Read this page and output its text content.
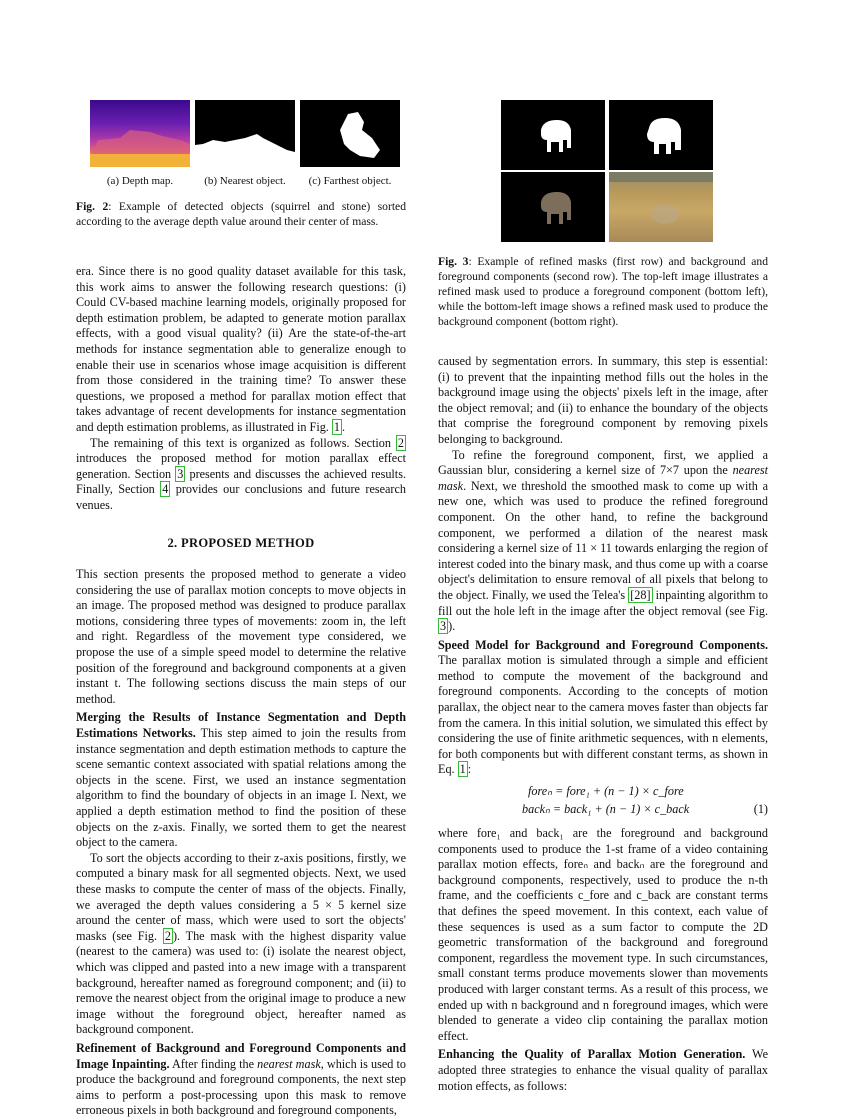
(a) Depth map.	(b) Nearest object.	(c) Farthest object.
Fig. 2: Example of detected objects (squirrel and stone) sorted according to the average depth value around their center of mass.
Fig. 3: Example of refined masks (first row) and background and foreground components (second row). The top-left image illustrates a refined mask used to produce a foreground component (bottom left), while the bottom-left image shows a refined mask used to produce the background component (bottom right).

era. Since there is no good quality dataset available for this task, this work aims to answer the following research questions: (i) Could CV-based machine learning models, originally proposed for depth estimation problem, be adapted to generate motion parallax effects, with a good visual quality? (ii) Are the state-of-the-art methods for instance segmentation able to generalize enough to enable their use in scenarios whose image acquisition is different from those considered in the training time? To answer these questions, we proposed a method for parallax motion effect that takes advantage of recent developments for instance segmentation and depth estimation problems, as illustrated in Fig. 1 .

The remaining of this text is organized as follows. Section 2 introduces the proposed method for motion parallax effect generation. Section 3 presents and discusses the achieved results. Finally, Section 4 provides our conclusions and future research venues.

2. PROPOSED METHOD

This section presents the proposed method to generate a video considering the use of parallax motion concepts to move objects in an image. The proposed method was designed to produce parallax motions, considering three types of movements: zoom in, the left and right. Regardless of the movement type considered, we propose the use of a simple speed model to determine the relative position of the foreground and background components at a given instant t. The following sections discuss the main steps of our method.

Merging the Results of Instance Segmentation and Depth Estimations Networks. This step aimed to join the results from instance segmentation and depth estimation methods to capture the scene semantic context associated with spatial relations among the objects in the scene. First, we used an instance segmentation algorithm to find the boundary of objects in an image I. Next, we applied a depth estimation method to find the position of these objects on the z-axis. Finally, we sorted them to get the nearest object to the camera.

To sort the objects according to their z-axis positions, firstly, we computed a binary mask for all segmented objects. Next, we used these masks to compute the center of mass of the objects. Finally, we averaged the depth values considering a 5 × 5 kernel size around the center of mass, which were used to sort the objects' masks (see Fig. 2 ). The mask with the highest disparity value (nearest to the camera) was used to: (i) isolate the nearest object, which was clipped and pasted into a new image with a transparent background, hereafter named as foreground component; and (ii) to remove the nearest object from the original image to produce a new image without the foreground object, hereafter named as background component.

Refinement of Background and Foreground Components and Image Inpainting. After finding the nearest mask, which is used to produce the background and foreground components, the next step aims to perform a post-processing upon this mask to remove erroneous pixels in both background and foreground components,

caused by segmentation errors. In summary, this step is essential: (i) to prevent that the inpainting method fills out the holes in the background image using the objects' pixels left in the image, after the object removal; and (ii) to enhance the boundary of the objects that comprise the foreground component by removing pixels belonging to background.

To refine the foreground component, first, we applied a Gaussian blur, considering a kernel size of 7×7 upon the nearest mask. Next, we threshold the smoothed mask to come up with a new one, which was used to produce the refined foreground component. On the other hand, to refine the background component, we performed a dilation of the nearest mask considering a kernel size of 11 × 11 towards enlarging the region of interest coded into the binary mask, and thus come up with a coarse object's delimitation to ensure removal of all pixels that belong to the object. Finally, we used the Telea's [28] inpainting algorithm to fill out the hole left in the image after the object removal (see Fig. 3 ).

Speed Model for Background and Foreground Components. The parallax motion is simulated through a simple and efficient method to compute the movement of the background and foreground components. According to the concepts of motion parallax, the object near to the camera moves faster than objects far from the camera. In this initial solution, we simulated this effect by considering the use of finite arithmetic sequences, with n elements, for both components but with different constant terms, as shown in Eq. 1 :

foreₙ = fore₁ + (n − 1) × c_fore
backₙ = back₁ + (n − 1) × c_back	(1)

where fore₁ and back₁ are the foreground and background components used to produce the 1-st frame of a video containing parallax motion effects, foreₙ and backₙ are the foreground and background components, respectively, used to produce the n-th frame, and the coefficients c_fore and c_back are constant terms that defines the speed movement. In this context, each value of these sequences is used as a sum factor to compute the 2D geometric transformation of the background and foreground component, regardless the movement type. In such circumstances, small constant terms produce movements slower than movements produced with larger constant terms. As a result of this process, we ended up with n background and n foreground images, which were blended to generate a video clip containing the parallax motion effect.

Enhancing the Quality of Parallax Motion Generation. We adopted three strategies to enhance the visual quality of parallax motion effects, as follows:
